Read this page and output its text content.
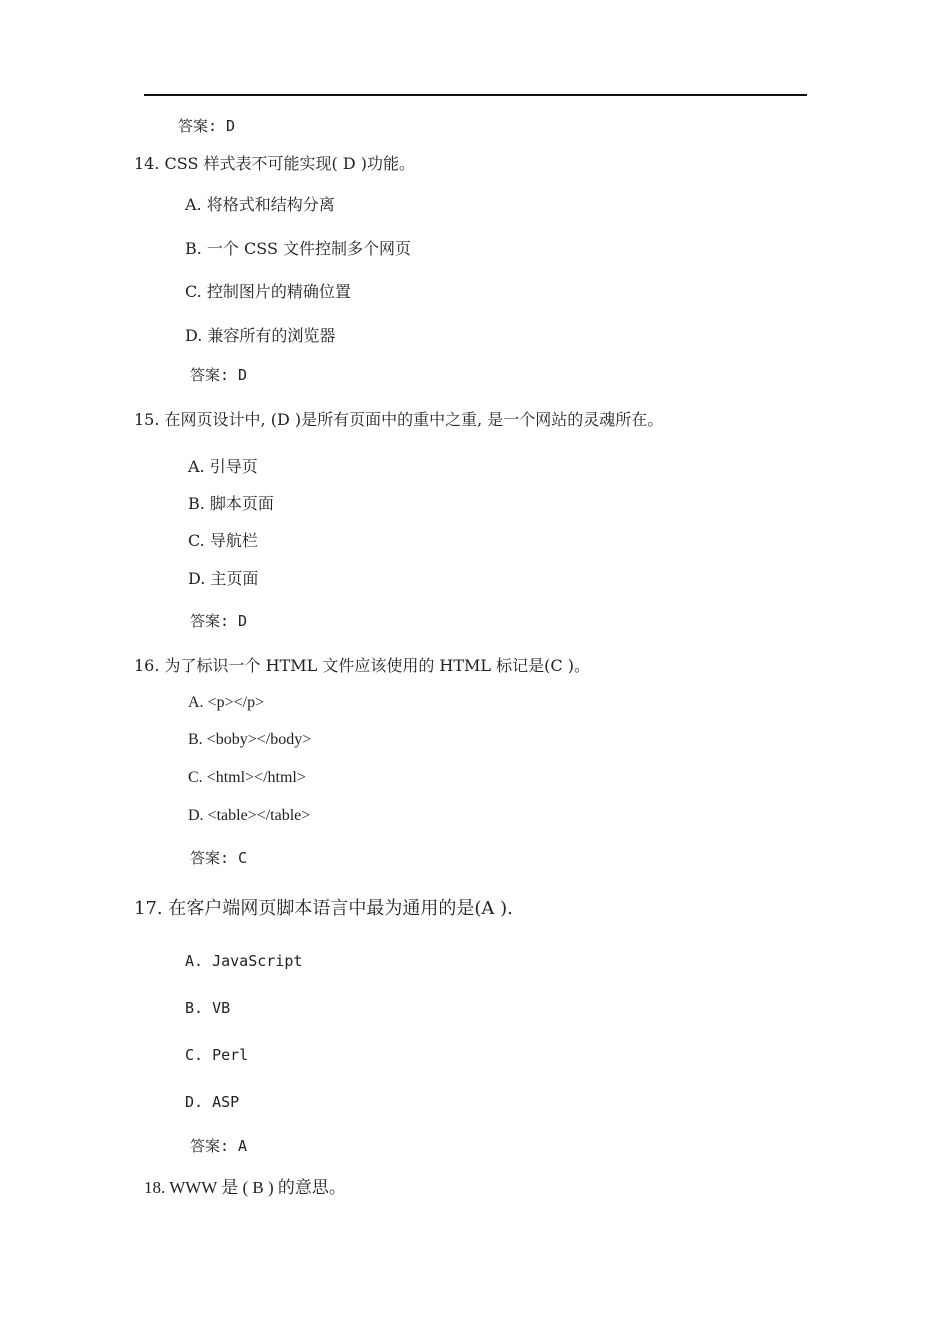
答案: D
14. CSS 样式表不可能实现( D )功能。
A. 将格式和结构分离
B. 一个 CSS 文件控制多个网页
C. 控制图片的精确位置
D. 兼容所有的浏览器
答案: D
15. 在网页设计中, (D )是所有页面中的重中之重, 是一个网站的灵魂所在。
A. 引导页
B. 脚本页面
C. 导航栏
D. 主页面
答案: D
16. 为了标识一个 HTML 文件应该使用的 HTML 标记是(C )。
A. <p></p>
B. <boby></body>
C. <html></html>
D. <table></table>
答案: C
17. 在客户端网页脚本语言中最为通用的是(A ).
A. JavaScript
B. VB
C. Perl
D. ASP
答案: A
18. WWW 是 ( B ) 的意思。
